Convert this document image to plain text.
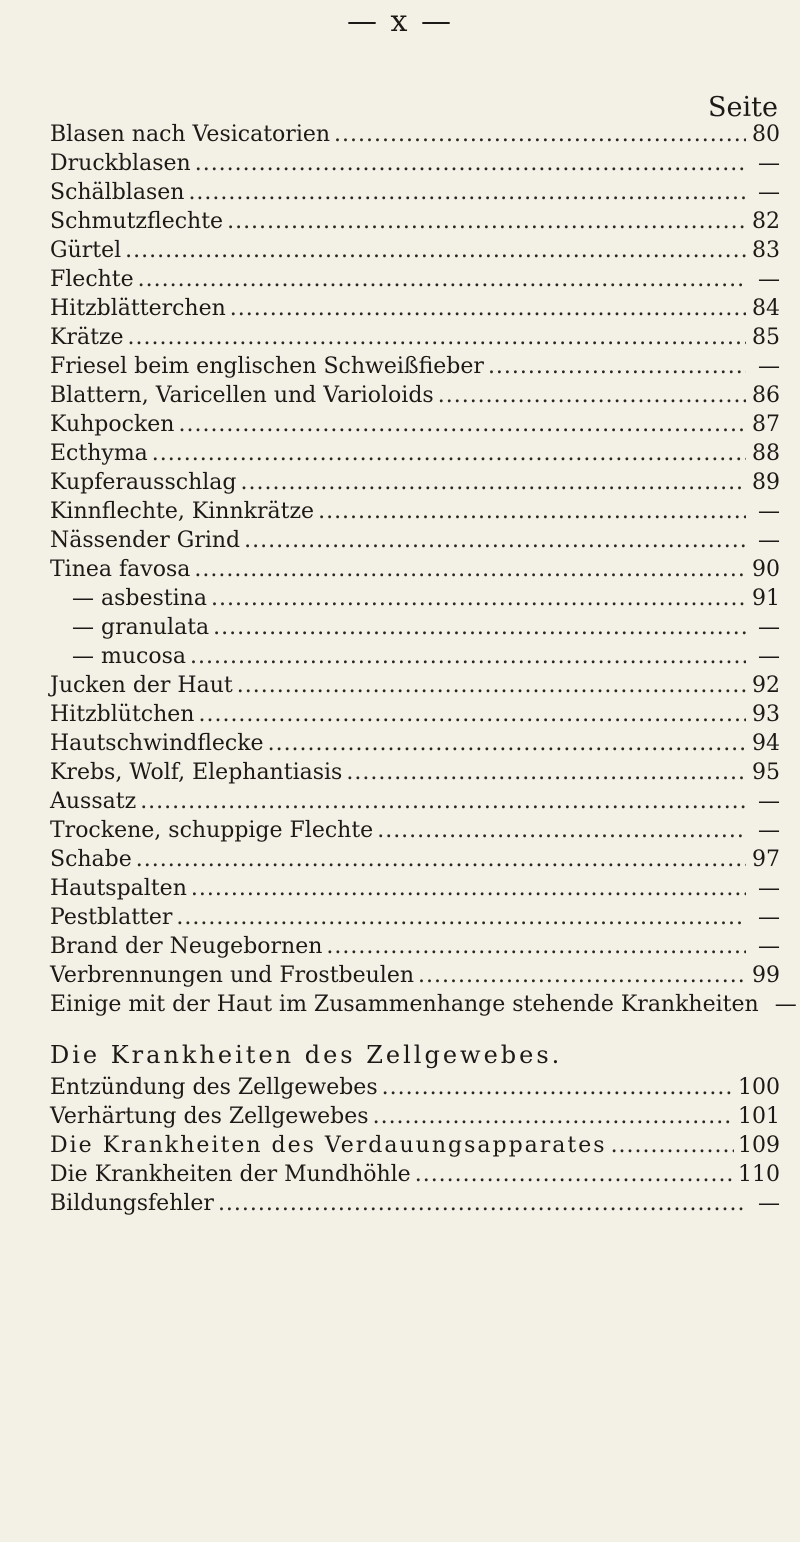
— x —
Seite
Blasen nach Vesicatorien .....	80
Druckblasen .....	—
Schälblasen .....	—
Schmutzflechte .....	82
Gürtel .....	83
Flechte .....	—
Hitzblätterchen .....	84
Krätze .....	85
Friesel beim englischen Schweißfieber .....	—
Blattern, Varicellen und Varioloids .....	86
Kuhpocken .....	87
Ecthyma .....	88
Kupferausschlag .....	89
Kinnflechte, Kinnkrätze .....	—
Nässender Grind .....	—
Tinea favosa .....	90
— asbestina .....	91
— granulata .....	—
— mucosa .....	—
Jucken der Haut .....	92
Hitzblütchen .....	93
Hautschwindflecke .....	94
Krebs, Wolf, Elephantiasis .....	95
Aussatz .....	—
Trockene, schuppige Flechte .....	—
Schabe .....	97
Hautspalten .....	—
Pestblatter .....	—
Brand der Neugebornen .....	—
Verbrennungen und Frostbeulen .....	99
Einige mit der Haut im Zusammenhange stehende Krankheiten —
Die Krankheiten des Zellgewebes.
Entzündung des Zellgewebes .....	100
Verhärtung des Zellgewebes .....	101
Die Krankheiten des Verdauungsapparates .....	109
Die Krankheiten der Mundhöhle .....	110
Bildungsfehler .....	—
